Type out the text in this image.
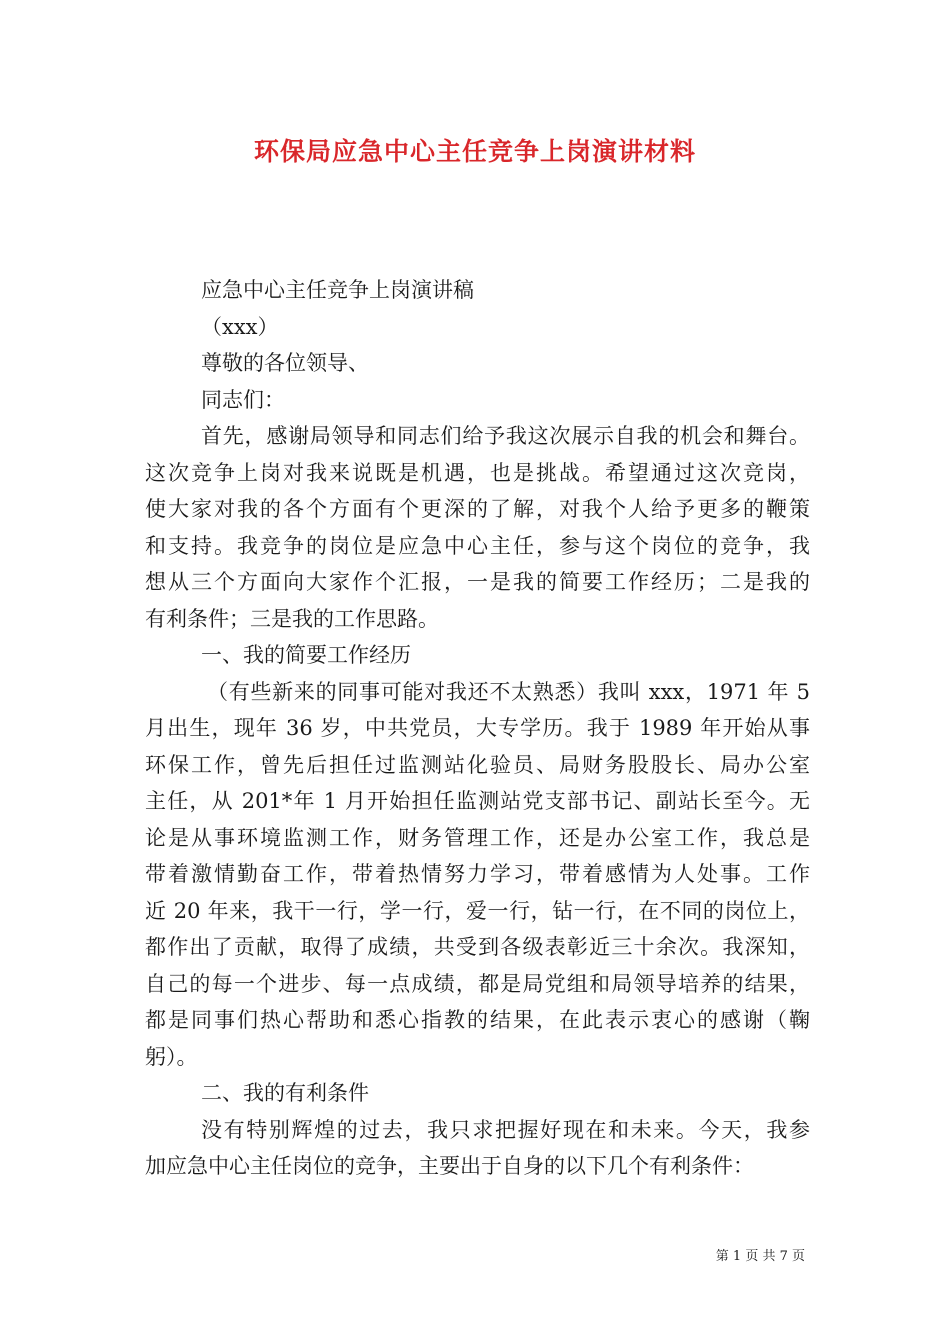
环保局应急中心主任竞争上岗演讲材料
应急中心主任竞争上岗演讲稿
（xxx）
尊敬的各位领导、
同志们：
首先，感谢局领导和同志们给予我这次展示自我的机会和舞台。
这次竞争上岗对我来说既是机遇，也是挑战。希望通过这次竞岗，
使大家对我的各个方面有个更深的了解，对我个人给予更多的鞭策
和支持。我竞争的岗位是应急中心主任，参与这个岗位的竞争，我
想从三个方面向大家作个汇报，一是我的简要工作经历；二是我的
有利条件；三是我的工作思路。
一、我的简要工作经历
（有些新来的同事可能对我还不太熟悉）我叫 xxx，1971 年 5
月出生，现年 36 岁，中共党员，大专学历。我于 1989 年开始从事
环保工作，曾先后担任过监测站化验员、局财务股股长、局办公室
主任，从 201*年 1 月开始担任监测站党支部书记、副站长至今。无
论是从事环境监测工作，财务管理工作，还是办公室工作，我总是
带着激情勤奋工作，带着热情努力学习，带着感情为人处事。工作
近 20 年来，我干一行，学一行，爱一行，钻一行，在不同的岗位上，
都作出了贡献，取得了成绩，共受到各级表彰近三十余次。我深知，
自己的每一个进步、每一点成绩，都是局党组和局领导培养的结果，
都是同事们热心帮助和悉心指教的结果，在此表示衷心的感谢（鞠
躬）。
二、我的有利条件
没有特别辉煌的过去，我只求把握好现在和未来。今天，我参
加应急中心主任岗位的竞争，主要出于自身的以下几个有利条件：
第 1 页 共 7 页
